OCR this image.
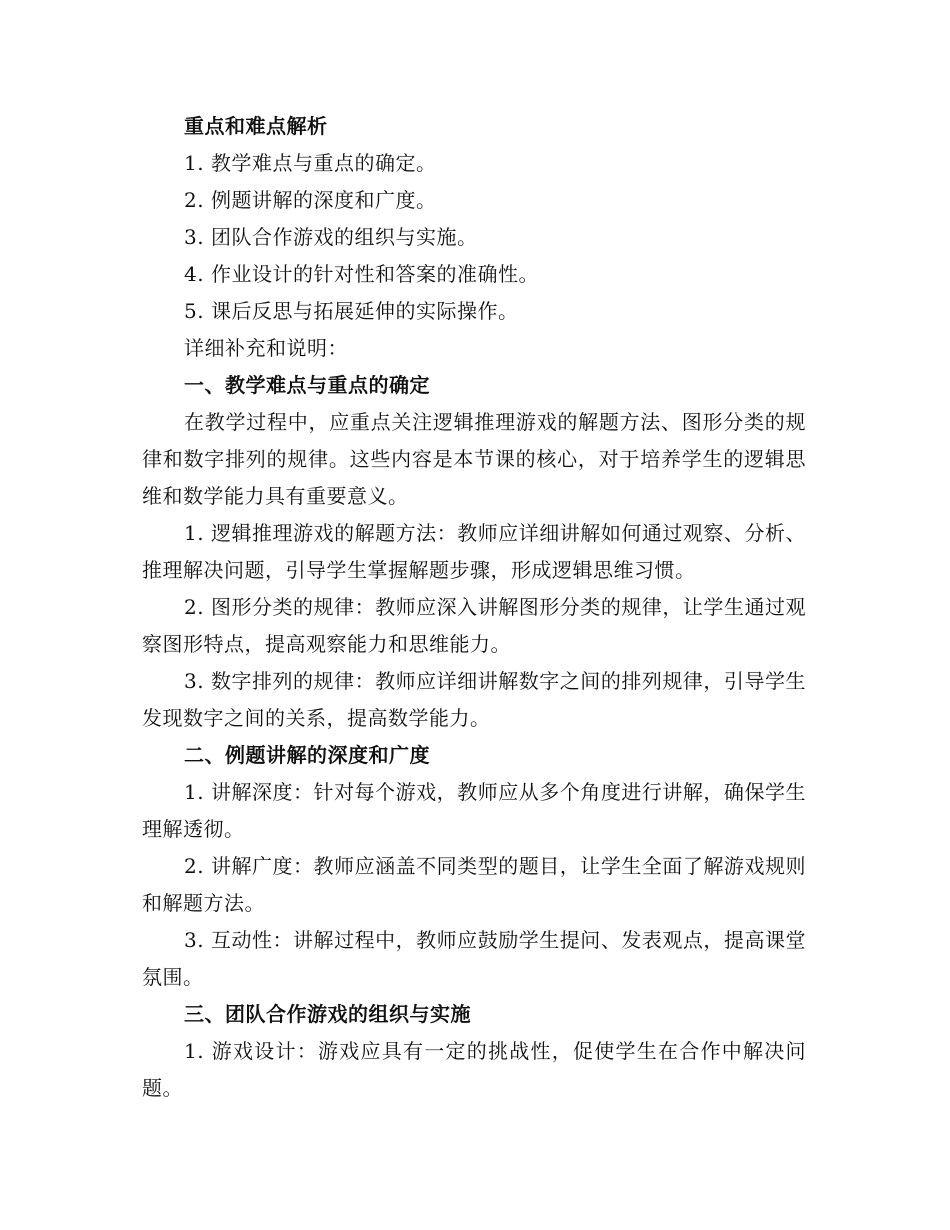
重点和难点解析

1. 教学难点与重点的确定。

2. 例题讲解的深度和广度。

3. 团队合作游戏的组织与实施。

4. 作业设计的针对性和答案的准确性。

5. 课后反思与拓展延伸的实际操作。

详细补充和说明：

一、教学难点与重点的确定

在教学过程中，应重点关注逻辑推理游戏的解题方法、图形分类的规律和数字排列的规律。这些内容是本节课的核心，对于培养学生的逻辑思维和数学能力具有重要意义。

1. 逻辑推理游戏的解题方法：教师应详细讲解如何通过观察、分析、推理解决问题，引导学生掌握解题步骤，形成逻辑思维习惯。

2. 图形分类的规律：教师应深入讲解图形分类的规律，让学生通过观察图形特点，提高观察能力和思维能力。

3. 数字排列的规律：教师应详细讲解数字之间的排列规律，引导学生发现数字之间的关系，提高数学能力。

二、例题讲解的深度和广度

1. 讲解深度：针对每个游戏，教师应从多个角度进行讲解，确保学生理解透彻。

2. 讲解广度：教师应涵盖不同类型的题目，让学生全面了解游戏规则和解题方法。

3. 互动性：讲解过程中，教师应鼓励学生提问、发表观点，提高课堂氛围。

三、团队合作游戏的组织与实施

1. 游戏设计：游戏应具有一定的挑战性，促使学生在合作中解决问题。
